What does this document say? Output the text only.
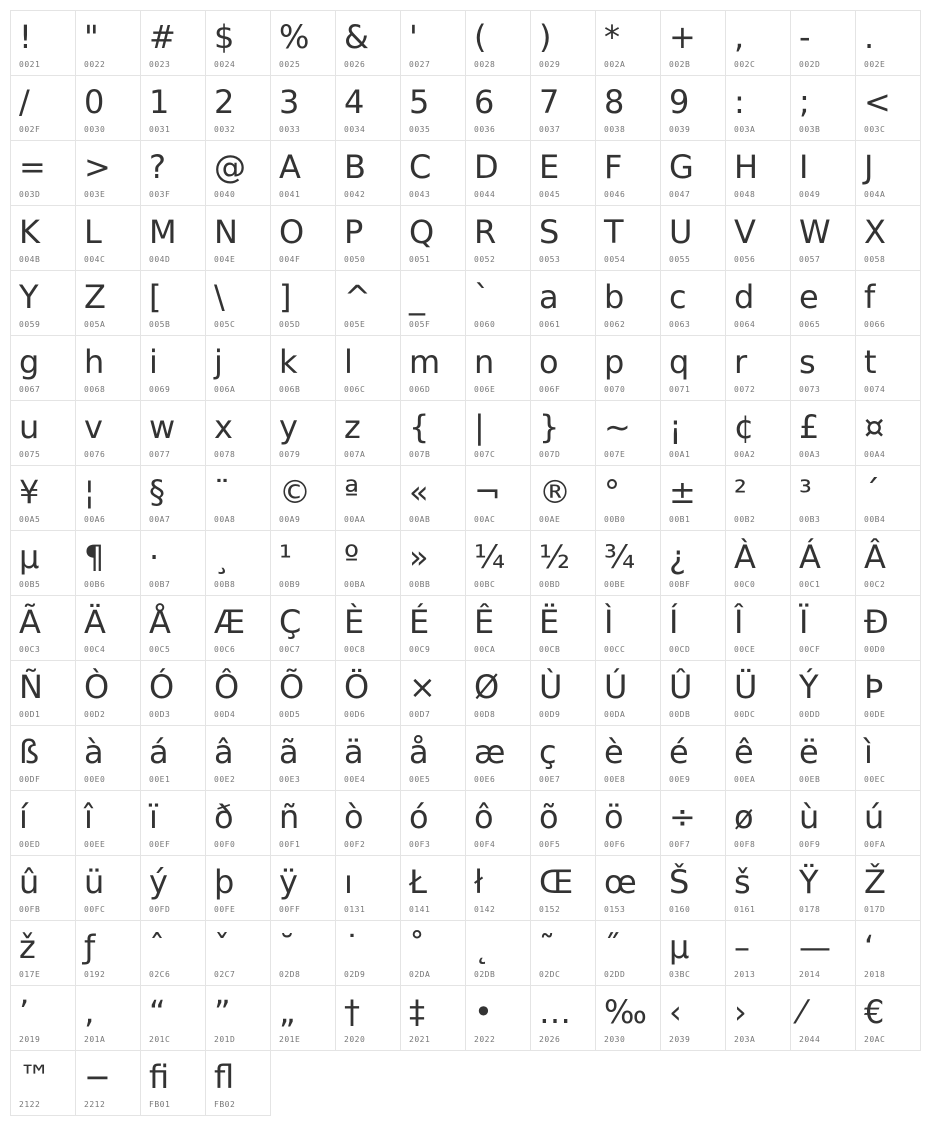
!
0021
"
0022
#
0023
$
0024
%
0025
&
0026
'
0027
(
0028
)
0029
*
002A
+
002B
,
002C
-
002D
.
002E
/
002F
0
0030
1
0031
2
0032
3
0033
4
0034
5
0035
6
0036
7
0037
8
0038
9
0039
:
003A
;
003B
<
003C
=
003D
>
003E
?
003F
@
0040
A
0041
B
0042
C
0043
D
0044
E
0045
F
0046
G
0047
H
0048
I
0049
J
004A
K
004B
L
004C
M
004D
N
004E
O
004F
P
0050
Q
0051
R
0052
S
0053
T
0054
U
0055
V
0056
W
0057
X
0058
Y
0059
Z
005A
[
005B
\
005C
]
005D
^
005E
_
005F
`
0060
a
0061
b
0062
c
0063
d
0064
e
0065
f
0066
g
0067
h
0068
i
0069
j
006A
k
006B
l
006C
m
006D
n
006E
o
006F
p
0070
q
0071
r
0072
s
0073
t
0074
u
0075
v
0076
w
0077
x
0078
y
0079
z
007A
{
007B
|
007C
}
007D
~
007E
¡
00A1
¢
00A2
£
00A3
¤
00A4
¥
00A5
¦
00A6
§
00A7
¨
00A8
©
00A9
ª
00AA
«
00AB
¬
00AC
®
00AE
°
00B0
±
00B1
²
00B2
³
00B3
´
00B4
µ
00B5
¶
00B6
·
00B7
¸
00B8
¹
00B9
º
00BA
»
00BB
¼
00BC
½
00BD
¾
00BE
¿
00BF
À
00C0
Á
00C1
Â
00C2
Ã
00C3
Ä
00C4
Å
00C5
Æ
00C6
Ç
00C7
È
00C8
É
00C9
Ê
00CA
Ë
00CB
Ì
00CC
Í
00CD
Î
00CE
Ï
00CF
Ð
00D0
Ñ
00D1
Ò
00D2
Ó
00D3
Ô
00D4
Õ
00D5
Ö
00D6
×
00D7
Ø
00D8
Ù
00D9
Ú
00DA
Û
00DB
Ü
00DC
Ý
00DD
Þ
00DE
ß
00DF
à
00E0
á
00E1
â
00E2
ã
00E3
ä
00E4
å
00E5
æ
00E6
ç
00E7
è
00E8
é
00E9
ê
00EA
ë
00EB
ì
00EC
í
00ED
î
00EE
ï
00EF
ð
00F0
ñ
00F1
ò
00F2
ó
00F3
ô
00F4
õ
00F5
ö
00F6
÷
00F7
ø
00F8
ù
00F9
ú
00FA
û
00FB
ü
00FC
ý
00FD
þ
00FE
ÿ
00FF
ı
0131
Ł
0141
ł
0142
Œ
0152
œ
0153
Š
0160
š
0161
Ÿ
0178
Ž
017D
ž
017E
ƒ
0192
ˆ
02C6
ˇ
02C7
˘
02D8
˙
02D9
˚
02DA
˛
02DB
˜
02DC
˝
02DD
μ
03BC
–
2013
—
2014
‘
2018
’
2019
‚
201A
“
201C
”
201D
„
201E
†
2020
‡
2021
•
2022
…
2026
‰
2030
‹
2039
›
203A
⁄
2044
€
20AC
™
2122
−
2212
ﬁ
FB01
ﬂ
FB02
